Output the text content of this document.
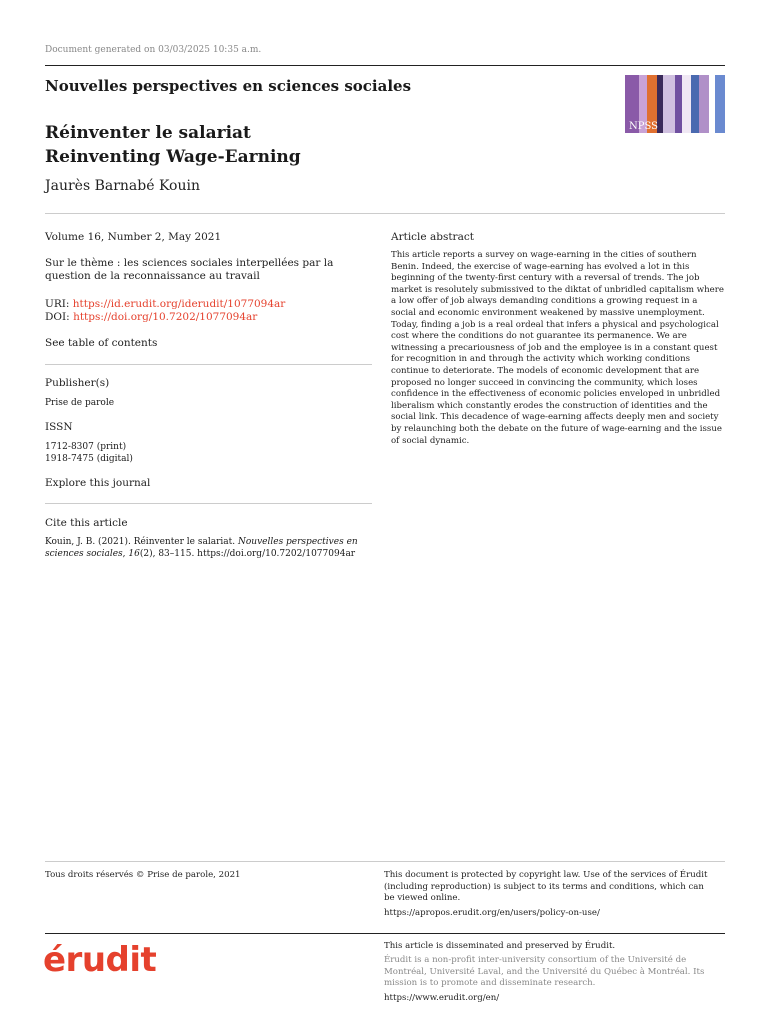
Document generated on 03/03/2025 10:35 a.m.
Nouvelles perspectives en sciences sociales
NPSS
Réinventer le salariat
Reinventing Wage-Earning
Jaurès Barnabé Kouin
Volume 16, Number 2, May 2021
Sur le thème : les sciences sociales interpellées par la question de la reconnaissance au travail
URI: https://id.erudit.org/iderudit/1077094ar
DOI: https://doi.org/10.7202/1077094ar
See table of contents
Publisher(s)
Prise de parole
ISSN
1712-8307 (print)
1918-7475 (digital)
Explore this journal
Cite this article
Kouin, J. B. (2021). Réinventer le salariat. Nouvelles perspectives en sciences sociales, 16(2), 83–115. https://doi.org/10.7202/1077094ar
Article abstract
This article reports a survey on wage-earning in the cities of southern Benin. Indeed, the exercise of wage-earning has evolved a lot in this beginning of the twenty-first century with a reversal of trends. The job market is resolutely submissived to the diktat of unbridled capitalism where a low offer of job always demanding conditions a growing request in a social and economic environment weakened by massive unemployment. Today, finding a job is a real ordeal that infers a physical and psychological cost where the conditions do not guarantee its permanence. We are witnessing a precariousness of job and the employee is in a constant quest for recognition in and through the activity which working conditions continue to deteriorate. The models of economic development that are proposed no longer succeed in convincing the community, which loses confidence in the effectiveness of economic policies enveloped in unbridled liberalism which constantly erodes the construction of identities and the social link. This decadence of wage-earning affects deeply men and society by relaunching both the debate on the future of wage-earning and the issue of social dynamic.
Tous droits réservés © Prise de parole, 2021	This document is protected by copyright law. Use of the services of Érudit (including reproduction) is subject to its terms and conditions, which can be viewed online.
https://apropos.erudit.org/en/users/policy-on-use/
érudit	This article is disseminated and preserved by Érudit.
Érudit is a non-profit inter-university consortium of the Université de Montréal, Université Laval, and the Université du Québec à Montréal. Its mission is to promote and disseminate research.
https://www.erudit.org/en/
